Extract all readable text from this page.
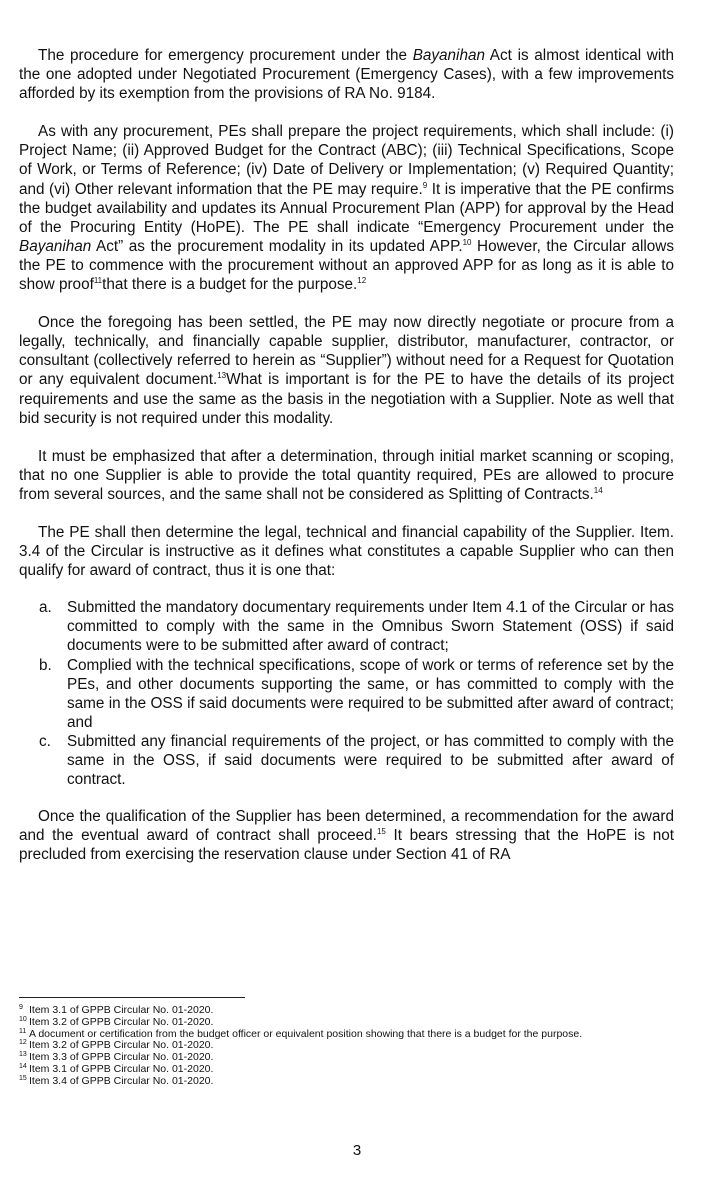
The procedure for emergency procurement under the Bayanihan Act is almost identical with the one adopted under Negotiated Procurement (Emergency Cases), with a few improvements afforded by its exemption from the provisions of RA No. 9184.

As with any procurement, PEs shall prepare the project requirements, which shall include: (i) Project Name; (ii) Approved Budget for the Contract (ABC); (iii) Technical Specifications, Scope of Work, or Terms of Reference; (iv) Date of Delivery or Implementation; (v) Required Quantity; and (vi) Other relevant information that the PE may require.$^9$ It is imperative that the PE confirms the budget availability and updates its Annual Procurement Plan (APP) for approval by the Head of the Procuring Entity (HoPE). The PE shall indicate “Emergency Procurement under the Bayanihan Act” as the procurement modality in its updated APP.$^{10}$ However, the Circular allows the PE to commence with the procurement without an approved APP for as long as it is able to show proof$^{11}$that there is a budget for the purpose.$^{12}$

Once the foregoing has been settled, the PE may now directly negotiate or procure from a legally, technically, and financially capable supplier, distributor, manufacturer, contractor, or consultant (collectively referred to herein as “Supplier”) without need for a Request for Quotation or any equivalent document.$^{13}$What is important is for the PE to have the details of its project requirements and use the same as the basis in the negotiation with a Supplier. Note as well that bid security is not required under this modality.

It must be emphasized that after a determination, through initial market scanning or scoping, that no one Supplier is able to provide the total quantity required, PEs are allowed to procure from several sources, and the same shall not be considered as Splitting of Contracts.$^{14}$

The PE shall then determine the legal, technical and financial capability of the Supplier. Item. 3.4 of the Circular is instructive as it defines what constitutes a capable Supplier who can then qualify for award of contract, thus it is one that:

a. Submitted the mandatory documentary requirements under Item 4.1 of the Circular or has committed to comply with the same in the Omnibus Sworn Statement (OSS) if said documents were to be submitted after award of contract;
b. Complied with the technical specifications, scope of work or terms of reference set by the PEs, and other documents supporting the same, or has committed to comply with the same in the OSS if said documents were required to be submitted after award of contract; and
c. Submitted any financial requirements of the project, or has committed to comply with the same in the OSS, if said documents were required to be submitted after award of contract.

Once the qualification of the Supplier has been determined, a recommendation for the award and the eventual award of contract shall proceed.$^{15}$ It bears stressing that the HoPE is not precluded from exercising the reservation clause under Section 41 of RA

9 Item 3.1 of GPPB Circular No. 01-2020.

10 Item 3.2 of GPPB Circular No. 01-2020.

11 A document or certification from the budget officer or equivalent position showing that there is a budget for the purpose.

12 Item 3.2 of GPPB Circular No. 01-2020.

13 Item 3.3 of GPPB Circular No. 01-2020.

14 Item 3.1 of GPPB Circular No. 01-2020.

15 Item 3.4 of GPPB Circular No. 01-2020.

3
